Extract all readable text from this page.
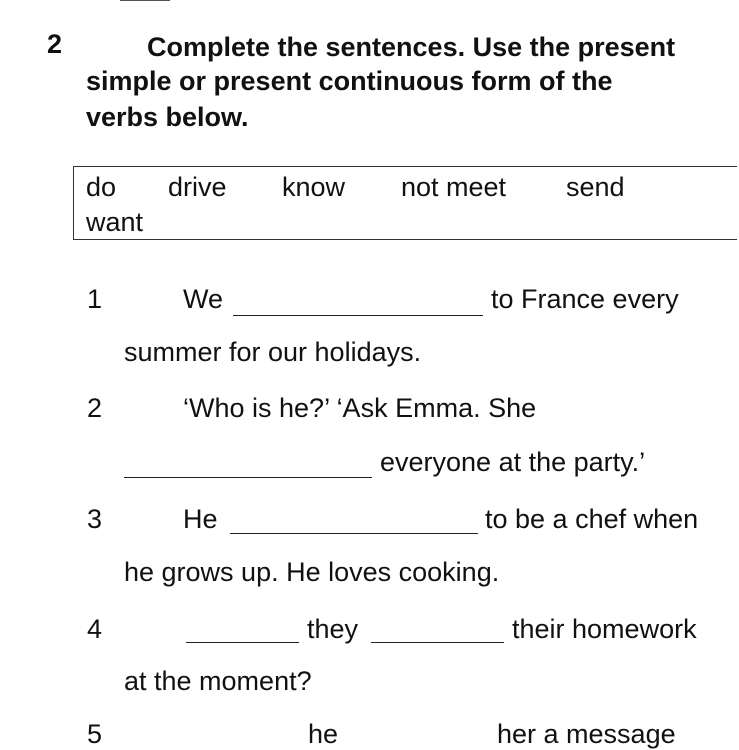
2	Complete the sentences. Use the present
simple or present continuous form of the
verbs below.
do drive know not meet send
want
1	We	to France every
summer for our holidays.
2	‘Who is he?’ ‘Ask Emma. She
everyone at the party.’
3	He	to be a chef when
he grows up. He loves cooking.
4	they	their homework
at the moment?
5	he	her a message
